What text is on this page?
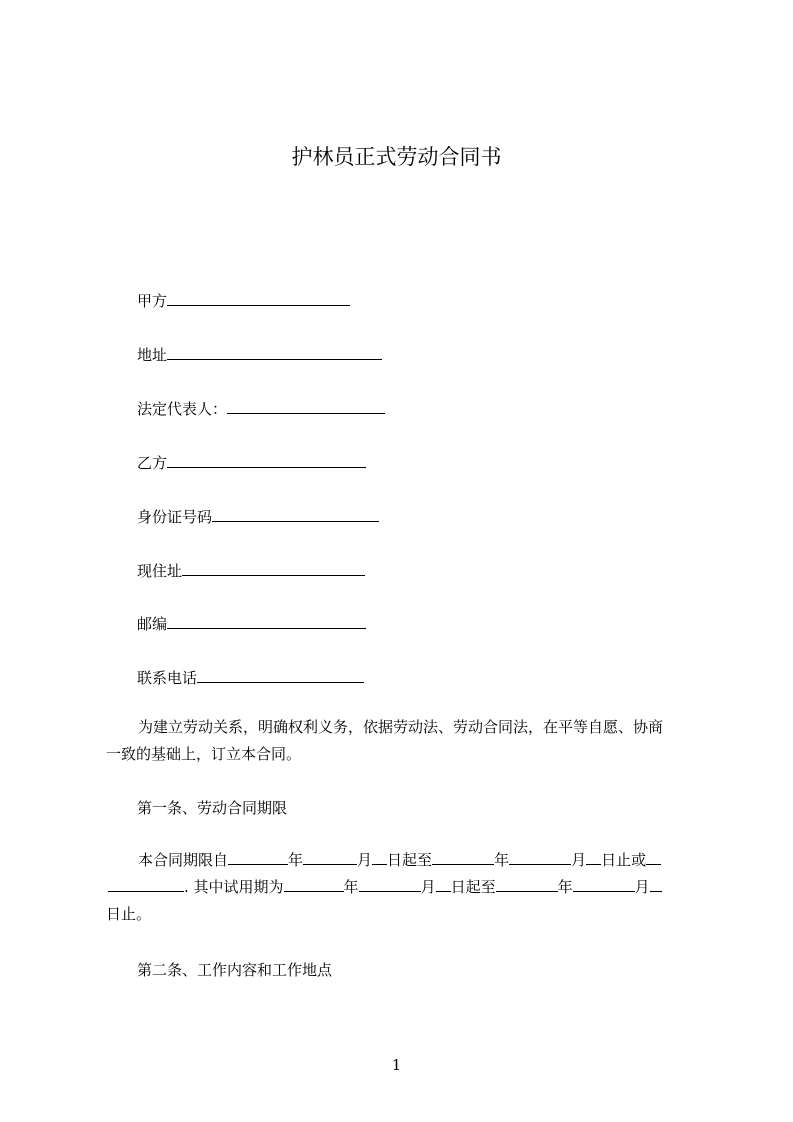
护林员正式劳动合同书
甲方
地址
法定代表人：
乙方
身份证号码
现住址
邮编
联系电话
为建立劳动关系，明确权利义务，依据劳动法、劳动合同法，在平等自愿、协商
一致的基础上，订立本合同。
第一条、劳动合同期限
本合同期限自	年	月 日起至	年	月 日止或
. 其中试用期为	年	月 日起至	年	月
日止。
第二条、工作内容和工作地点
1
